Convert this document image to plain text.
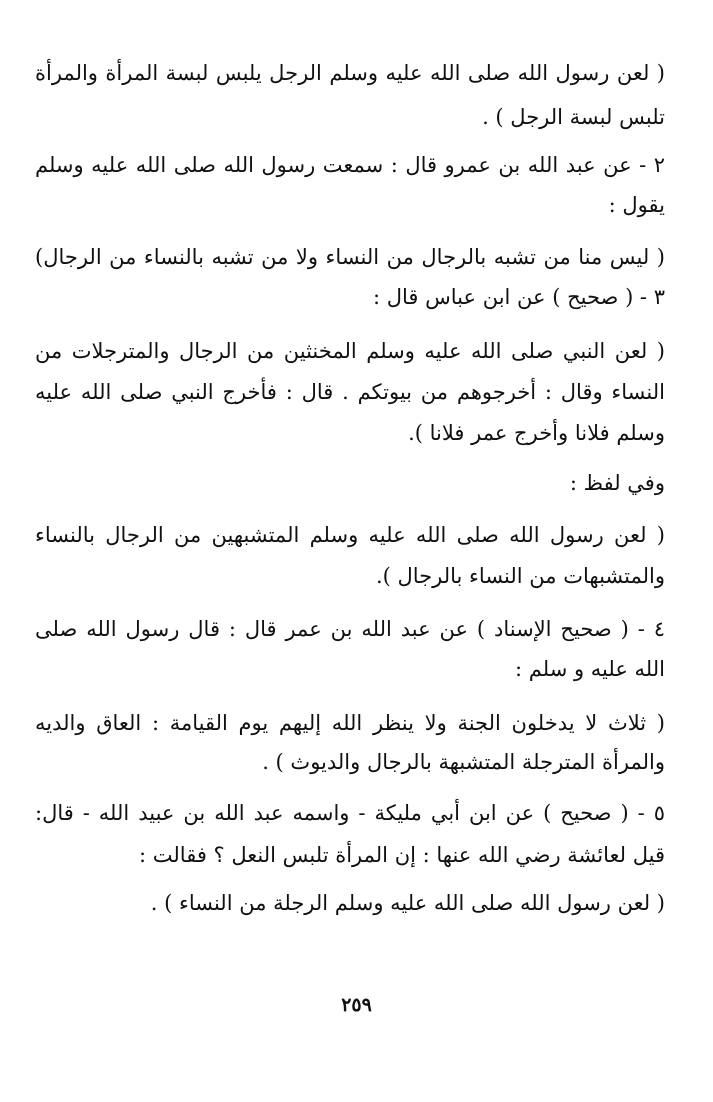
( لعن رسول الله صلى الله عليه وسلم الرجل يلبس لبسة المرأة والمرأة
تلبس لبسة الرجل ) .
٢ - عن عبد الله بن عمرو قال : سمعت رسول الله صلى الله عليه وسلم
يقول :
( ليس منا من تشبه بالرجال من النساء ولا من تشبه بالنساء من الرجال)
٣ - ( صحيح ) عن ابن عباس قال :
( لعن النبي صلى الله عليه وسلم المخنثين من الرجال والمترجلات من
النساء وقال : أخرجوهم من بيوتكم . قال : فأخرج النبي صلى الله عليه
وسلم فلانا وأخرج عمر فلانا ).
وفي لفظ :
( لعن رسول الله صلى الله عليه وسلم المتشبهين من الرجال بالنساء
والمتشبهات من النساء بالرجال ).
٤ - ( صحيح الإسناد ) عن عبد الله بن عمر قال : قال رسول الله صلى
الله عليه و سلم :
( ثلاث لا يدخلون الجنة ولا ينظر الله إليهم يوم القيامة : العاق والديه
والمرأة المترجلة المتشبهة بالرجال والديوث ) .
٥ - ( صحيح ) عن ابن أبي مليكة - واسمه عبد الله بن عبيد الله - قال:
قيل لعائشة رضي الله عنها : إن المرأة تلبس النعل ؟ فقالت :
( لعن رسول الله صلى الله عليه وسلم الرجلة من النساء ) .
٢٥٩
